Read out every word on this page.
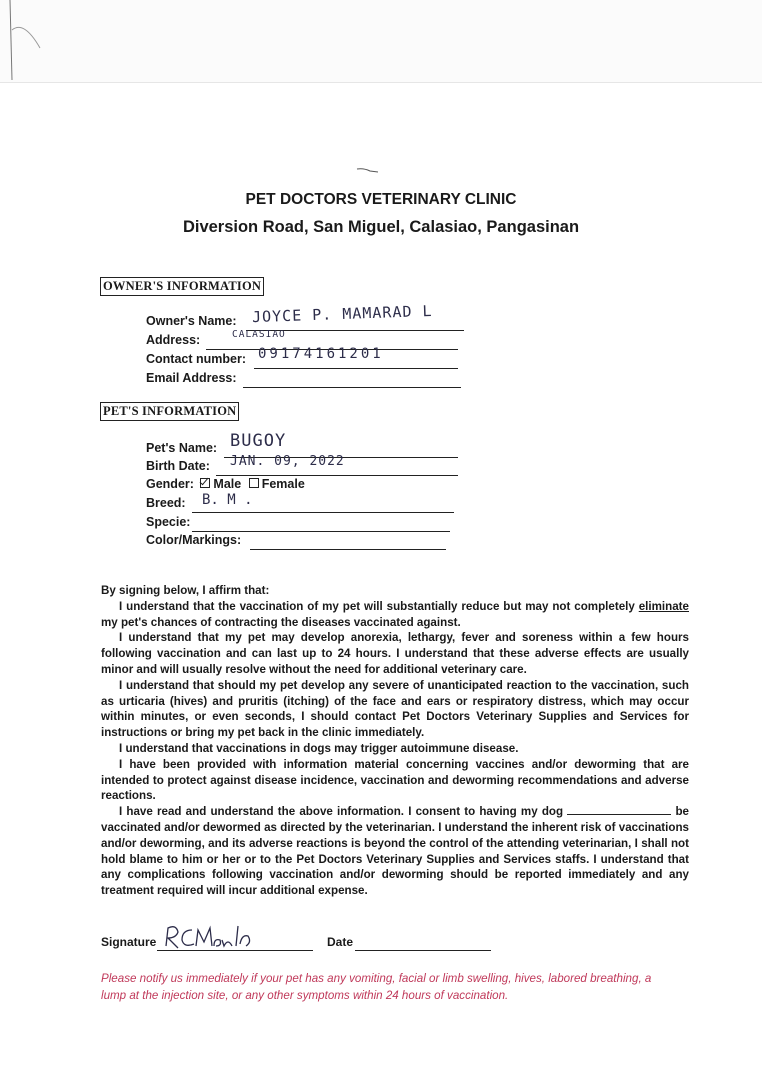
PET DOCTORS VETERINARY CLINIC
Diversion Road, San Miguel, Calasiao, Pangasinan
OWNER'S INFORMATION
Owner's Name: JOYCE P. MAMARAD L
Address:	CALASIAO
Contact number: 09174161201
Email Address:
PET'S INFORMATION
Pet's Name: BUGOY
Birth Date: JAN. 09, 2022
Gender: Male Female
Breed: B. M .
Specie:
Color/Markings:

By signing below, I affirm that:

I understand that the vaccination of my pet will substantially reduce but may not completely eliminate my pet's chances of contracting the diseases vaccinated against.

I understand that my pet may develop anorexia, lethargy, fever and soreness within a few hours following vaccination and can last up to 24 hours. I understand that these adverse effects are usually minor and will usually resolve without the need for additional veterinary care.

I understand that should my pet develop any severe of unanticipated reaction to the vaccination, such as urticaria (hives) and pruritis (itching) of the face and ears or respiratory distress, which may occur within minutes, or even seconds, I should contact Pet Doctors Veterinary Supplies and Services for instructions or bring my pet back in the clinic immediately.

I understand that vaccinations in dogs may trigger autoimmune disease.

I have been provided with information material concerning vaccines and/or deworming that are intended to protect against disease incidence, vaccination and deworming recommendations and adverse reactions.

I have read and understand the above information. I consent to having my dog	be vaccinated and/or dewormed as directed by the veterinarian. I understand the inherent risk of vaccinations and/or deworming, and its adverse reactions is beyond the control of the attending veterinarian, I shall not hold blame to him or her or to the Pet Doctors Veterinary Supplies and Services staffs. I understand that any complications following vaccination and/or deworming should be reported immediately and any treatment required will incur additional expense.

Signature	Date
Please notify us immediately if your pet has any vomiting, facial or limb swelling, hives, labored breathing, a lump at the injection site, or any other symptoms within 24 hours of vaccination.
